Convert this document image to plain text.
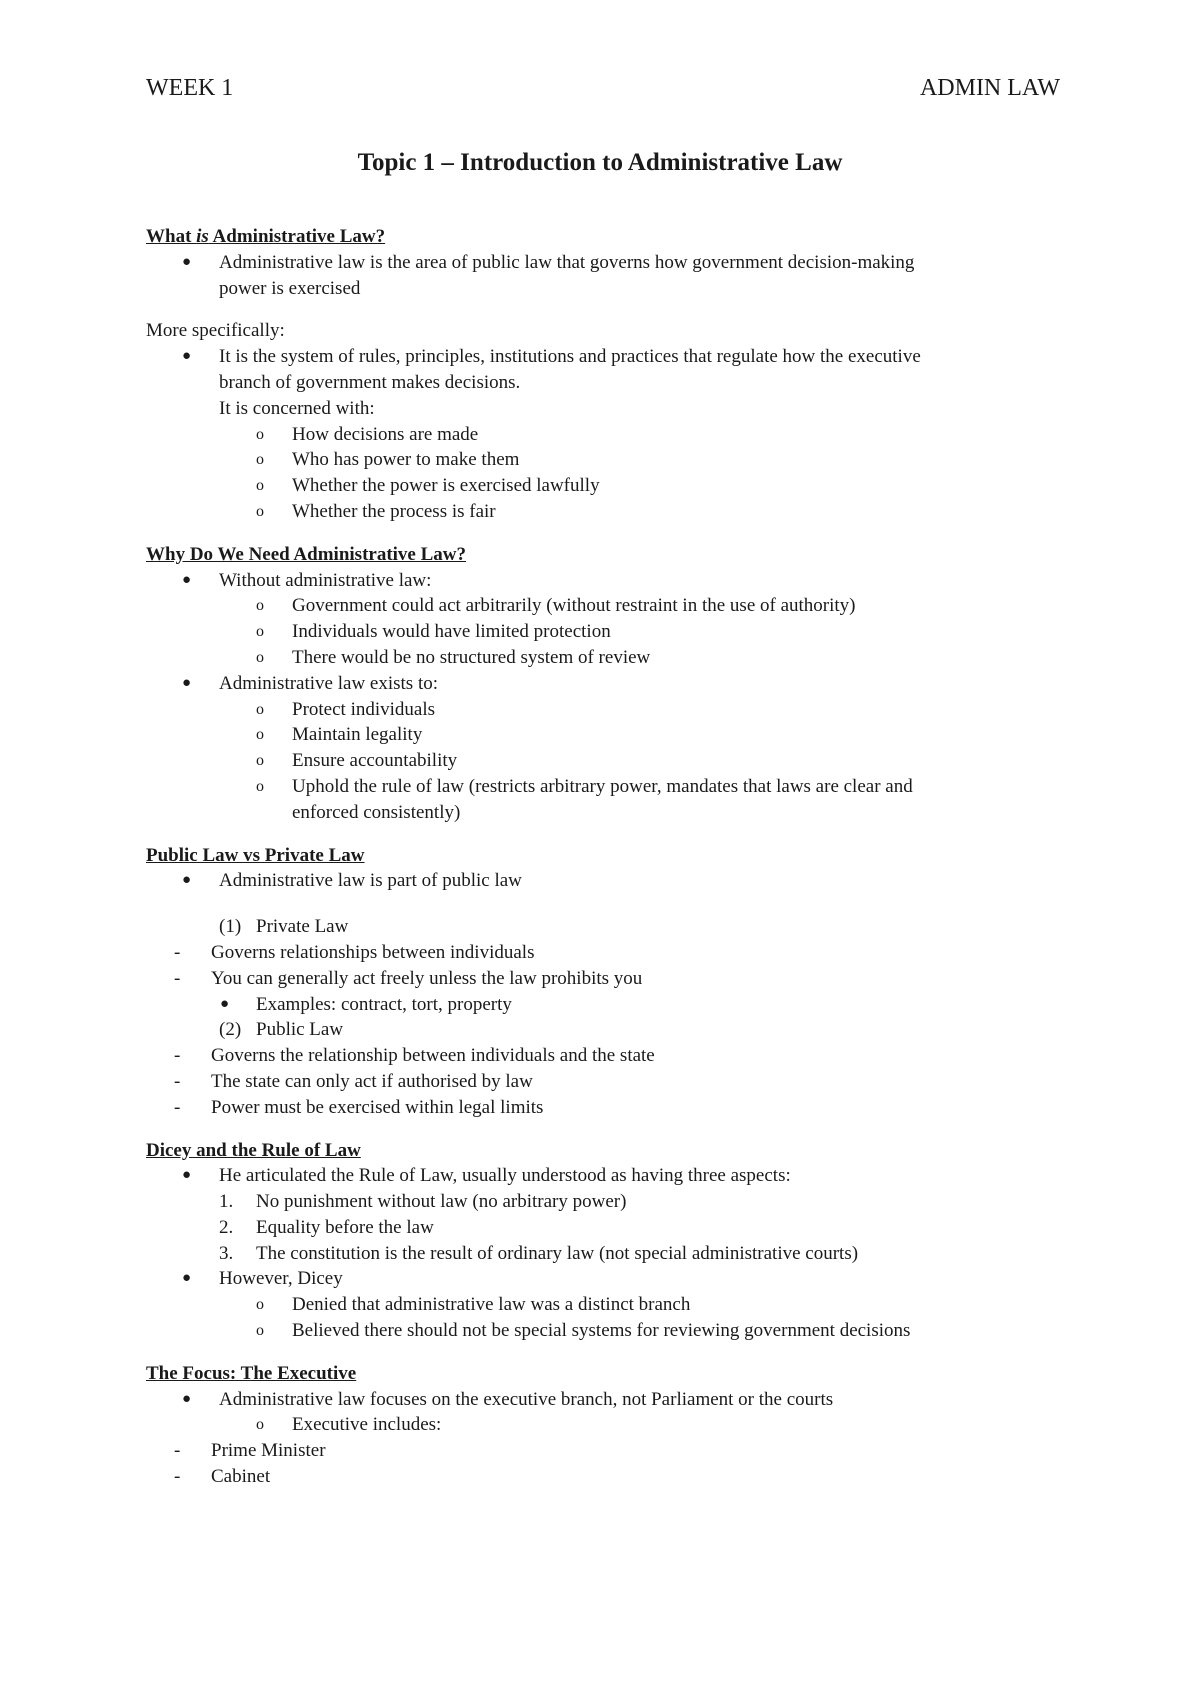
WEEK 1	ADMIN LAW
Topic 1 – Introduction to Administrative Law
What is Administrative Law?
● Administrative law is the area of public law that governs how government decision-making
power is exercised
More specifically:
● It is the system of rules, principles, institutions and practices that regulate how the executive
branch of government makes decisions.
It is concerned with:
o How decisions are made
o Who has power to make them
o Whether the power is exercised lawfully
o Whether the process is fair
Why Do We Need Administrative Law?
● Without administrative law:
o Government could act arbitrarily (without restraint in the use of authority)
o Individuals would have limited protection
o There would be no structured system of review
● Administrative law exists to:
o Protect individuals
o Maintain legality
o Ensure accountability
o Uphold the rule of law (restricts arbitrary power, mandates that laws are clear and
enforced consistently)
Public Law vs Private Law
● Administrative law is part of public law
(1) Private Law
- Governs relationships between individuals
- You can generally act freely unless the law prohibits you
● Examples: contract, tort, property
(2) Public Law
- Governs the relationship between individuals and the state
- The state can only act if authorised by law
- Power must be exercised within legal limits
Dicey and the Rule of Law
● He articulated the Rule of Law, usually understood as having three aspects:
1. No punishment without law (no arbitrary power)
2. Equality before the law
3. The constitution is the result of ordinary law (not special administrative courts)
● However, Dicey
o Denied that administrative law was a distinct branch
o Believed there should not be special systems for reviewing government decisions
The Focus: The Executive
● Administrative law focuses on the executive branch, not Parliament or the courts
o Executive includes:
- Prime Minister
- Cabinet
